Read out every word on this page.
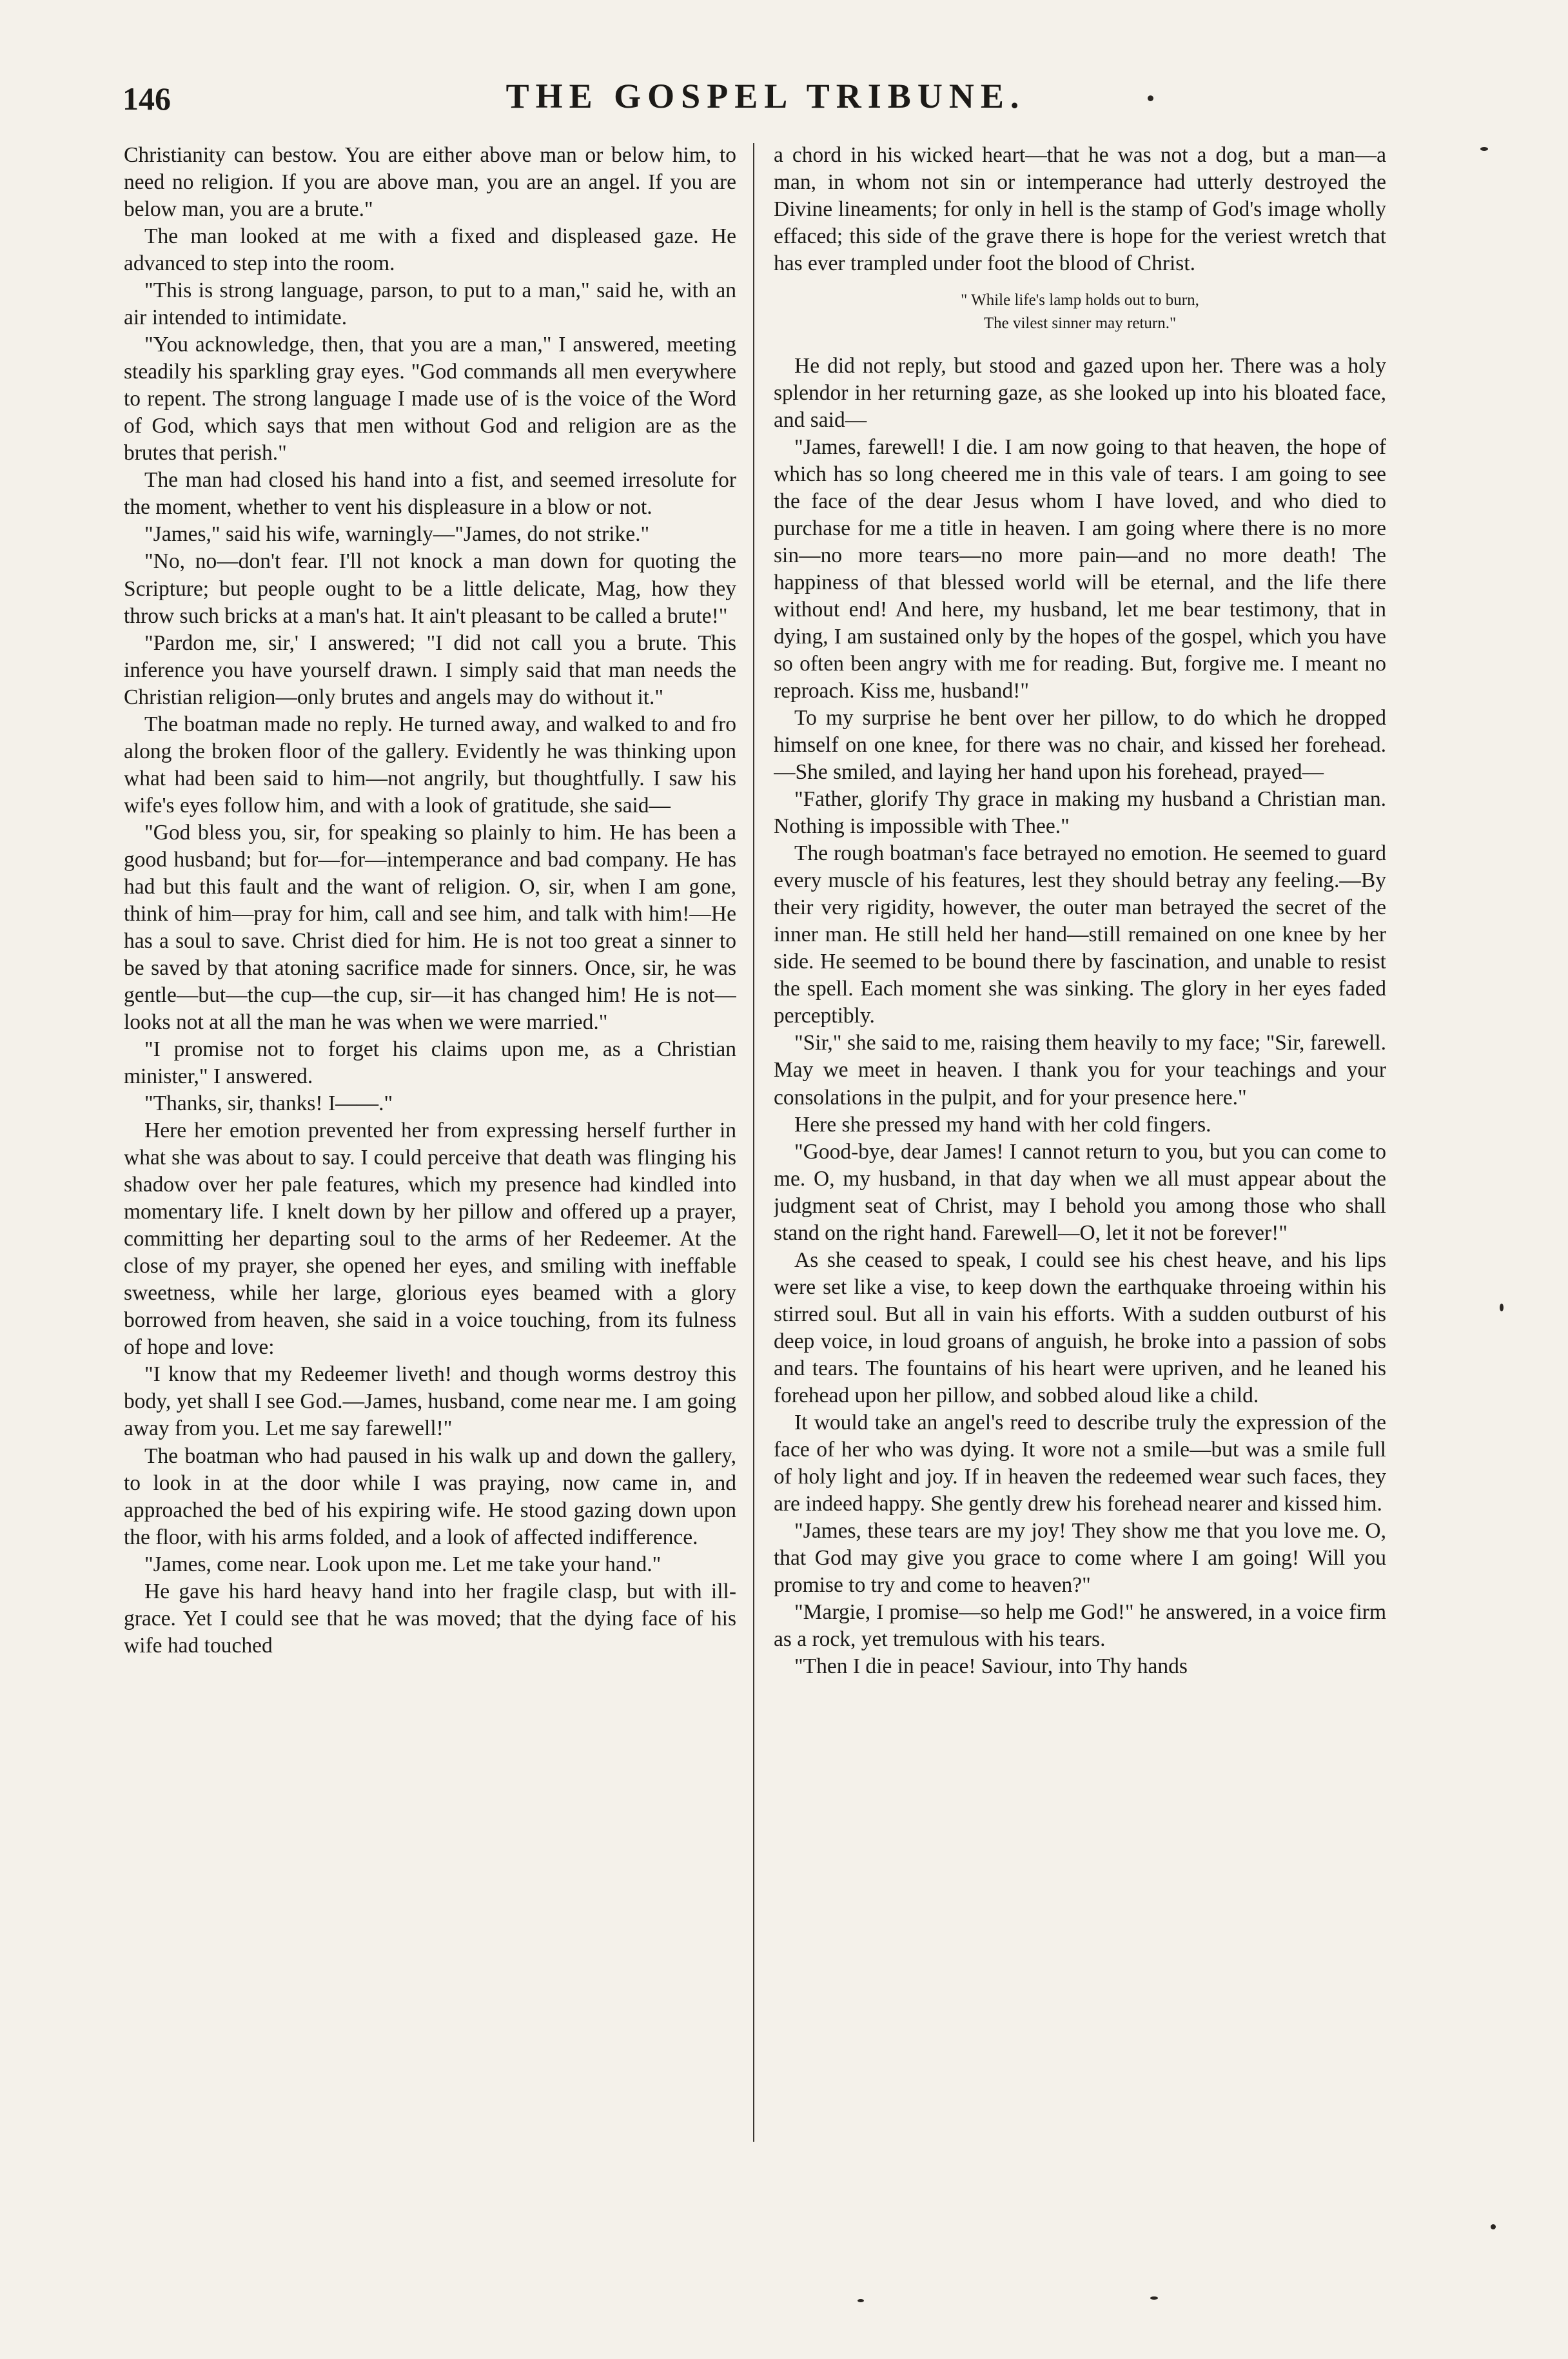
146	THE GOSPEL TRIBUNE.

Christianity can bestow. You are either above man or below him, to need no religion. If you are above man, you are an angel. If you are below man, you are a brute."

The man looked at me with a fixed and displeased gaze. He advanced to step into the room.

"This is strong language, parson, to put to a man," said he, with an air intended to intimidate.

"You acknowledge, then, that you are a man," I answered, meeting steadily his sparkling gray eyes. "God commands all men everywhere to repent. The strong language I made use of is the voice of the Word of God, which says that men without God and religion are as the brutes that perish."

The man had closed his hand into a fist, and seemed irresolute for the moment, whether to vent his displeasure in a blow or not.

"James," said his wife, warningly—"James, do not strike."

"No, no—don't fear. I'll not knock a man down for quoting the Scripture; but people ought to be a little delicate, Mag, how they throw such bricks at a man's hat. It ain't pleasant to be called a brute!"

"Pardon me, sir,' I answered; "I did not call you a brute. This inference you have yourself drawn. I simply said that man needs the Christian religion—only brutes and angels may do without it."

The boatman made no reply. He turned away, and walked to and fro along the broken floor of the gallery. Evidently he was thinking upon what had been said to him—not angrily, but thoughtfully. I saw his wife's eyes follow him, and with a look of gratitude, she said—

"God bless you, sir, for speaking so plainly to him. He has been a good husband; but for—for—intemperance and bad company. He has had but this fault and the want of religion. O, sir, when I am gone, think of him—pray for him, call and see him, and talk with him!—He has a soul to save. Christ died for him. He is not too great a sinner to be saved by that atoning sacrifice made for sinners. Once, sir, he was gentle—but—the cup—the cup, sir—it has changed him! He is not—looks not at all the man he was when we were married."

"I promise not to forget his claims upon me, as a Christian minister," I answered.

"Thanks, sir, thanks! I——."

Here her emotion prevented her from expressing herself further in what she was about to say. I could perceive that death was flinging his shadow over her pale features, which my presence had kindled into momentary life. I knelt down by her pillow and offered up a prayer, committing her departing soul to the arms of her Redeemer. At the close of my prayer, she opened her eyes, and smiling with ineffable sweetness, while her large, glorious eyes beamed with a glory borrowed from heaven, she said in a voice touching, from its fulness of hope and love:

"I know that my Redeemer liveth! and though worms destroy this body, yet shall I see God.—James, husband, come near me. I am going away from you. Let me say farewell!"

The boatman who had paused in his walk up and down the gallery, to look in at the door while I was praying, now came in, and approached the bed of his expiring wife. He stood gazing down upon the floor, with his arms folded, and a look of affected indifference.

"James, come near. Look upon me. Let me take your hand."

He gave his hard heavy hand into her fragile clasp, but with ill-grace. Yet I could see that he was moved; that the dying face of his wife had touched

a chord in his wicked heart—that he was not a dog, but a man—a man, in whom not sin or intemperance had utterly destroyed the Divine lineaments; for only in hell is the stamp of God's image wholly effaced; this side of the grave there is hope for the veriest wretch that has ever trampled under foot the blood of Christ.

" While life's lamp holds out to burn,
The vilest sinner may return."

He did not reply, but stood and gazed upon her. There was a holy splendor in her returning gaze, as she looked up into his bloated face, and said—

"James, farewell! I die. I am now going to that heaven, the hope of which has so long cheered me in this vale of tears. I am going to see the face of the dear Jesus whom I have loved, and who died to purchase for me a title in heaven. I am going where there is no more sin—no more tears—no more pain—and no more death! The happiness of that blessed world will be eternal, and the life there without end! And here, my husband, let me bear testimony, that in dying, I am sustained only by the hopes of the gospel, which you have so often been angry with me for reading. But, forgive me. I meant no reproach. Kiss me, husband!"

To my surprise he bent over her pillow, to do which he dropped himself on one knee, for there was no chair, and kissed her forehead.—She smiled, and laying her hand upon his forehead, prayed—

"Father, glorify Thy grace in making my husband a Christian man. Nothing is impossible with Thee."

The rough boatman's face betrayed no emotion. He seemed to guard every muscle of his features, lest they should betray any feeling.—By their very rigidity, however, the outer man betrayed the secret of the inner man. He still held her hand—still remained on one knee by her side. He seemed to be bound there by fascination, and unable to resist the spell. Each moment she was sinking. The glory in her eyes faded perceptibly.

"Sir," she said to me, raising them heavily to my face; "Sir, farewell. May we meet in heaven. I thank you for your teachings and your consolations in the pulpit, and for your presence here."

Here she pressed my hand with her cold fingers.

"Good-bye, dear James! I cannot return to you, but you can come to me. O, my husband, in that day when we all must appear about the judgment seat of Christ, may I behold you among those who shall stand on the right hand. Farewell—O, let it not be forever!"

As she ceased to speak, I could see his chest heave, and his lips were set like a vise, to keep down the earthquake throeing within his stirred soul. But all in vain his efforts. With a sudden outburst of his deep voice, in loud groans of anguish, he broke into a passion of sobs and tears. The fountains of his heart were upriven, and he leaned his forehead upon her pillow, and sobbed aloud like a child.

It would take an angel's reed to describe truly the expression of the face of her who was dying. It wore not a smile—but was a smile full of holy light and joy. If in heaven the redeemed wear such faces, they are indeed happy. She gently drew his forehead nearer and kissed him.

"James, these tears are my joy! They show me that you love me. O, that God may give you grace to come where I am going! Will you promise to try and come to heaven?"

"Margie, I promise—so help me God!" he answered, in a voice firm as a rock, yet tremulous with his tears.

"Then I die in peace! Saviour, into Thy hands
